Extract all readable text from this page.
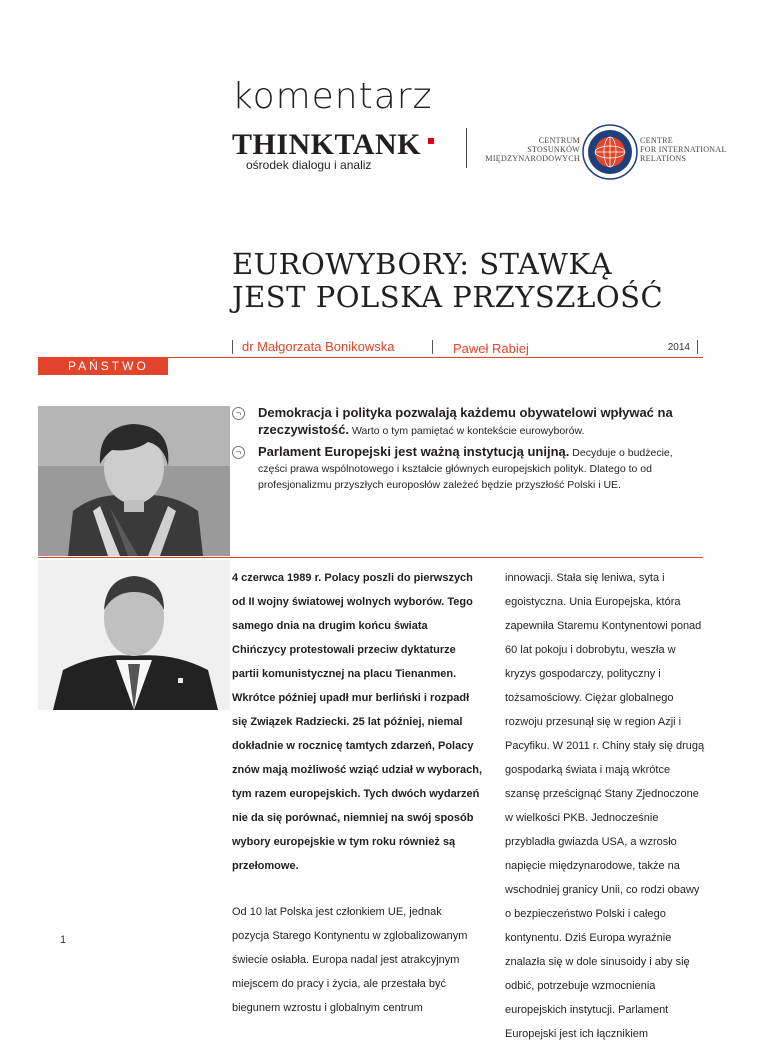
komentarz
THINKTANK
ośrodek dialogu i analiz
CENTRUM
STOSUNKÓW
MIĘDZYNARODOWYCH
CENTRE
FOR INTERNATIONAL
RELATIONS
EUROWYBORY: STAWKĄ
JEST POLSKA PRZYSZŁOŚĆ
dr Małgorzata Bonikowska	Paweł Rabiej	2014
PAŃSTWO
¬	Demokracja i polityka pozwalają każdemu obywatelowi wpływać na rzeczywistość. Warto o tym pamiętać w kontekście eurowyborów.
¬	Parlament Europejski jest ważną instytucją unijną. Decyduje o budżecie, części prawa wspólnotowego i kształcie głównych europejskich polityk. Dlatego to od profesjonalizmu przyszłych europosłów zależeć będzie przyszłość Polski i UE.

4 czerwca 1989 r. Polacy poszli do pierwszych od II wojny światowej wolnych wyborów. Tego samego dnia na drugim końcu świata Chińczycy protestowali przeciw dyktaturze partii komunistycznej na placu Tienanmen. Wkrótce później upadł mur berliński i rozpadł się Związek Radziecki. 25 lat później, niemal dokładnie w rocznicę tamtych zdarzeń, Polacy znów mają możliwość wziąć udział w wyborach, tym razem europejskich. Tych dwóch wydarzeń nie da się porównać, niemniej na swój sposób wybory europejskie w tym roku również są przełomowe.

Od 10 lat Polska jest członkiem UE, jednak pozycja Starego Kontynentu w zglobalizowanym świecie osłabła. Europa nadal jest atrakcyjnym miejscem do pracy i życia, ale przestała być biegunem wzrostu i globalnym centrum

innowacji. Stała się leniwa, syta i egoistyczna. Unia Europejska, która zapewniła Staremu Kontynentowi ponad 60 lat pokoju i dobrobytu, weszła w kryzys gospodarczy, polityczny i tożsamościowy. Ciężar globalnego rozwoju przesunął się w region Azji i Pacyfiku. W 2011 r. Chiny stały się drugą gospodarką świata i mają wkrótce szansę prześcignąć Stany Zjednoczone w wielkości PKB. Jednocześnie przybladła gwiazda USA, a wzrosło napięcie międzynarodowe, także na wschodniej granicy Unii, co rodzi obawy o bezpieczeństwo Polski i całego kontynentu. Dziś Europa wyraźnie znalazła się w dole sinusoidy i aby się odbić, potrzebuje wzmocnienia europejskich instytucji. Parlament Europejski jest ich łącznikiem

1
